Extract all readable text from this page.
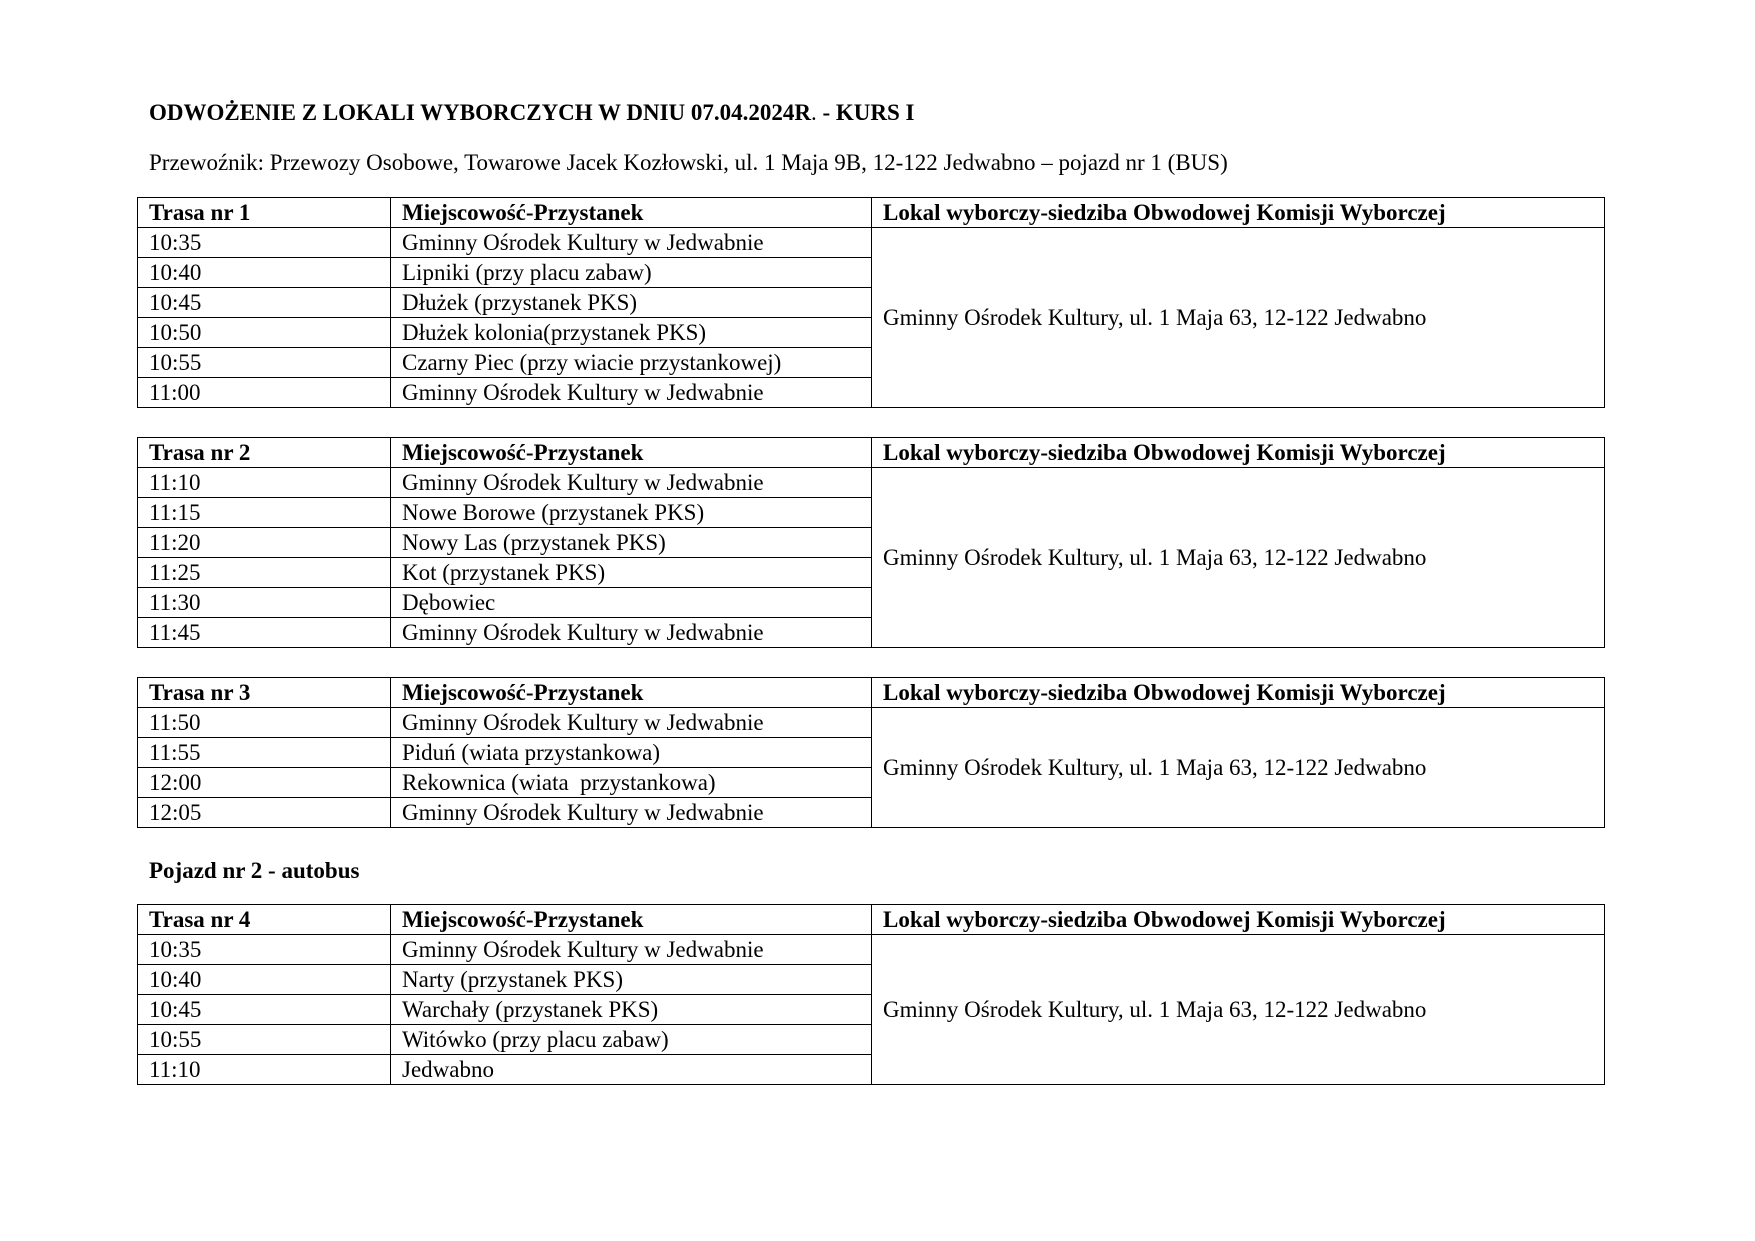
ODWOŻENIE Z LOKALI WYBORCZYCH W DNIU 07.04.2024R. - KURS I
Przewoźnik: Przewozy Osobowe, Towarowe Jacek Kozłowski, ul. 1 Maja 9B, 12-122 Jedwabno – pojazd nr 1 (BUS)
Trasa nr 1	Miejscowość-Przystanek	Lokal wyborczy-siedziba Obwodowej Komisji Wyborczej
10:35	Gminny Ośrodek Kultury w Jedwabnie	Gminny Ośrodek Kultury, ul. 1 Maja 63, 12-122 Jedwabno
10:40	Lipniki (przy placu zabaw)	
10:45	Dłużek (przystanek PKS)	
10:50	Dłużek kolonia(przystanek PKS)	
10:55	Czarny Piec (przy wiacie przystankowej)	
11:00	Gminny Ośrodek Kultury w Jedwabnie	
Trasa nr 2	Miejscowość-Przystanek	Lokal wyborczy-siedziba Obwodowej Komisji Wyborczej
11:10	Gminny Ośrodek Kultury w Jedwabnie	Gminny Ośrodek Kultury, ul. 1 Maja 63, 12-122 Jedwabno
11:15	Nowe Borowe (przystanek PKS)	
11:20	Nowy Las (przystanek PKS)	
11:25	Kot (przystanek PKS)	
11:30	Dębowiec	
11:45	Gminny Ośrodek Kultury w Jedwabnie	
Trasa nr 3	Miejscowość-Przystanek	Lokal wyborczy-siedziba Obwodowej Komisji Wyborczej
11:50	Gminny Ośrodek Kultury w Jedwabnie	Gminny Ośrodek Kultury, ul. 1 Maja 63, 12-122 Jedwabno
11:55	Piduń (wiata przystankowa)	
12:00	Rekownica (wiata  przystankowa)	
12:05	Gminny Ośrodek Kultury w Jedwabnie	
Pojazd nr 2 - autobus
Trasa nr 4	Miejscowość-Przystanek	Lokal wyborczy-siedziba Obwodowej Komisji Wyborczej
10:35	Gminny Ośrodek Kultury w Jedwabnie	Gminny Ośrodek Kultury, ul. 1 Maja 63, 12-122 Jedwabno
10:40	Narty (przystanek PKS)	
10:45	Warchały (przystanek PKS)	
10:55	Witówko (przy placu zabaw)	
11:10	Jedwabno	
